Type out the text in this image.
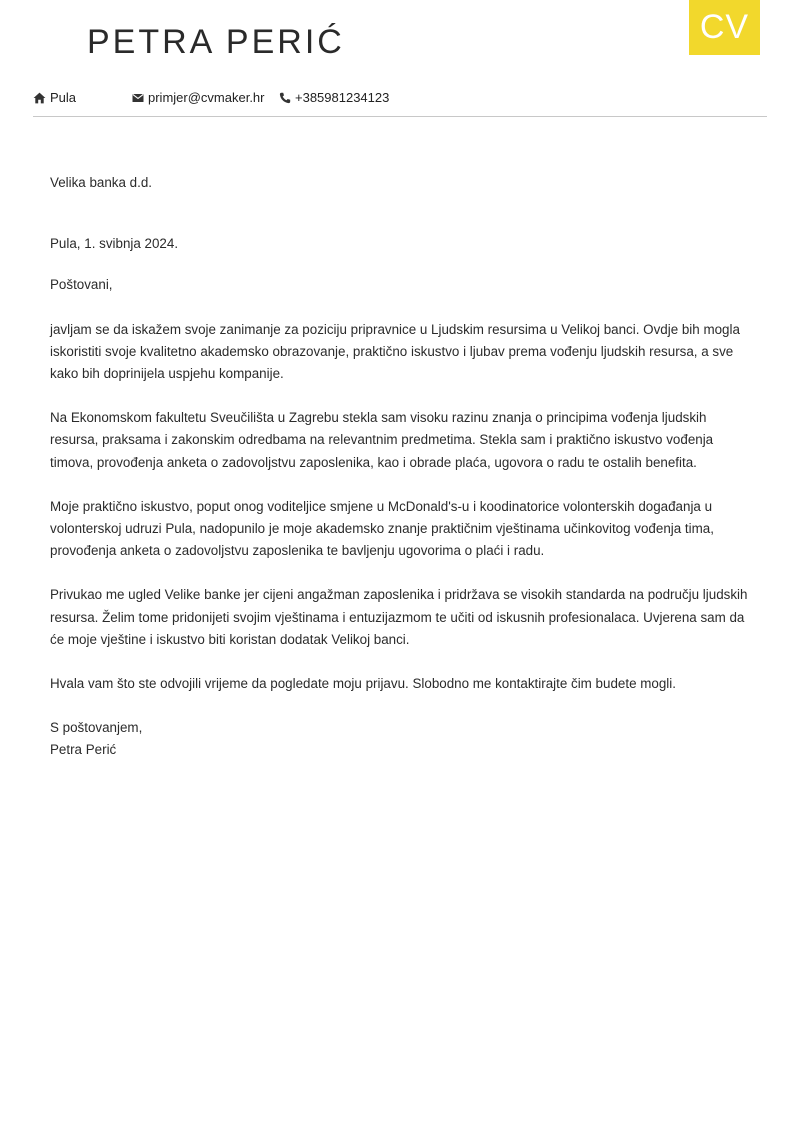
PETRA PERIĆ	CV
Pula	primjer@cvmaker.hr +385981234123

Velika banka d.d.

Pula, 1. svibnja 2024.

Poštovani,

javljam se da iskažem svoje zanimanje za poziciju pripravnice u Ljudskim resursima u Velikoj banci. Ovdje bih mogla iskoristiti svoje kvalitetno akademsko obrazovanje, praktično iskustvo i ljubav prema vođenju ljudskih resursa, a sve kako bih doprinijela uspjehu kompanije.

Na Ekonomskom fakultetu Sveučilišta u Zagrebu stekla sam visoku razinu znanja o principima vođenja ljudskih resursa, praksama i zakonskim odredbama na relevantnim predmetima. Stekla sam i praktično iskustvo vođenja timova, provođenja anketa o zadovoljstvu zaposlenika, kao i obrade plaća, ugovora o radu te ostalih benefita.

Moje praktično iskustvo, poput onog voditeljice smjene u McDonald's-u i koodinatorice volonterskih događanja u volonterskoj udruzi Pula, nadopunilo je moje akademsko znanje praktičnim vještinama učinkovitog vođenja tima, provođenja anketa o zadovoljstvu zaposlenika te bavljenju ugovorima o plaći i radu.

Privukao me ugled Velike banke jer cijeni angažman zaposlenika i pridržava se visokih standarda na području ljudskih resursa. Želim tome pridonijeti svojim vještinama i entuzijazmom te učiti od iskusnih profesionalaca. Uvjerena sam da će moje vještine i iskustvo biti koristan dodatak Velikoj banci.

Hvala vam što ste odvojili vrijeme da pogledate moju prijavu. Slobodno me kontaktirajte čim budete mogli.

S poštovanjem,

Petra Perić
